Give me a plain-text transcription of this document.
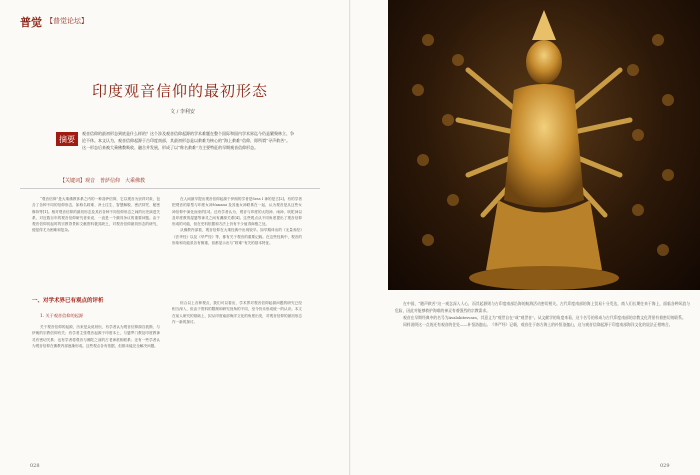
普觉 【普觉论坛】
印度观音信仰的最初形态
文 / 李利安
摘要
观音信仰的最初形态到底是什么样的？这个涉及观音信仰起源的学术难题在整个国际和国内学术界迄今仍是繁聚林立、争论不休。本文认为，观音信仰起源于古印度南部，其最初形态是以救难为核心的“海上救难”信仰，即所谓“寻声救苦”。这一形态后来被大乘佛教吸收、融合并发展，形成了以“称名救难”为主要特征的早期观音信仰形态。
【关键词】观音　普萨信仰　大乘佛教

“观音信仰”是大乘佛教体系之内的一种菩萨信仰，它以观音为崇拜对象，包含了各种不同的信仰形态，如称名救难、净土往生、智慧解脱、密法持咒、秘密修持等[1]。相对观音信仰的最初形态及其后各种不同信仰形态之间的历史演进关系，对近数百年的观音信仰研究者来说，一直是一个颇具争议的重要问题。由于观音信仰初起时的宗教背景和文献资料极其缺乏，对观音信仰最初形态的研究，便显得尤为困难和复杂。

在人间最早提出观音信仰起源于伊朗的学者是Sess I 神的是古[2]。有的学者把观音的原型与印度女神Nanami 及其他女神联系在一起，认为观音是从这些女神信仰中演化而来的[3]。还有学者认为，观音与印度的太阳神、雨神、吠陀神以及印度教的湿婆等神灵之间有渊源关系[4]。这些观点从不同角度提出了观音信仰形成的可能，但在史料依据和方法上仍有不少值得商榷之处。

从佛教内部看，观音信仰在大乘经典中出现较早。如早期译出的《无量寿经》《法华经》以及《华严经》等，都有关于观音的重要记载。在这些经典中，观音的形象和功能虽各有侧重，但都显示出与“救难”有关的基本特征。

一、对学术界已有观点的评析
1. 关于观音信仰的起源

关于观音信仰的起源，历来是众说纷纭，有学者认为观音信仰源自波斯，与伊朗的宗教信仰有关；有学者主张观音起源于印度本土，与婆罗门教及印度教神灵有密切关系；也有学者将观音与佛陀之前的古老神祇相联系；还有一些学者认为观音信仰在佛教内部逐渐形成。这些观点各有依据，但都未能完全解决问题。

综合以上各种观点，我们可以看出，学术界对观音信仰起源问题的研究已经相当深入，但由于资料的限制和研究视角的不同，至今仍未形成统一的认识。本文在前人研究的基础上，拟从印度南部海洋文化的角度出发，对观音信仰的最初形态作一新的探讨。

在中国，“随声救苦”这一观念深入人心，而其起源则与古印度南部沿海的航海活动密切相关。古代印度南部的海上贸易十分发达，商人们长期往来于海上，面临各种风浪与危险，因此对能够救护海难的神灵有着强烈的宗教需求。

观音在早期经典中的名号为Avalokitesvara，其意义为“观世自在”或“观世音”。从文献学的角度来看，这个名号的形成与古代印度南部的宗教文化背景有着密切的联系。

同样说明这一点的还有观音的住处——补怛洛迦山。《华严经》记载，观音住于南方海上的补怛洛迦山，这与观音信仰起源于印度南部海洋文化的说法正相吻合。

028	029
